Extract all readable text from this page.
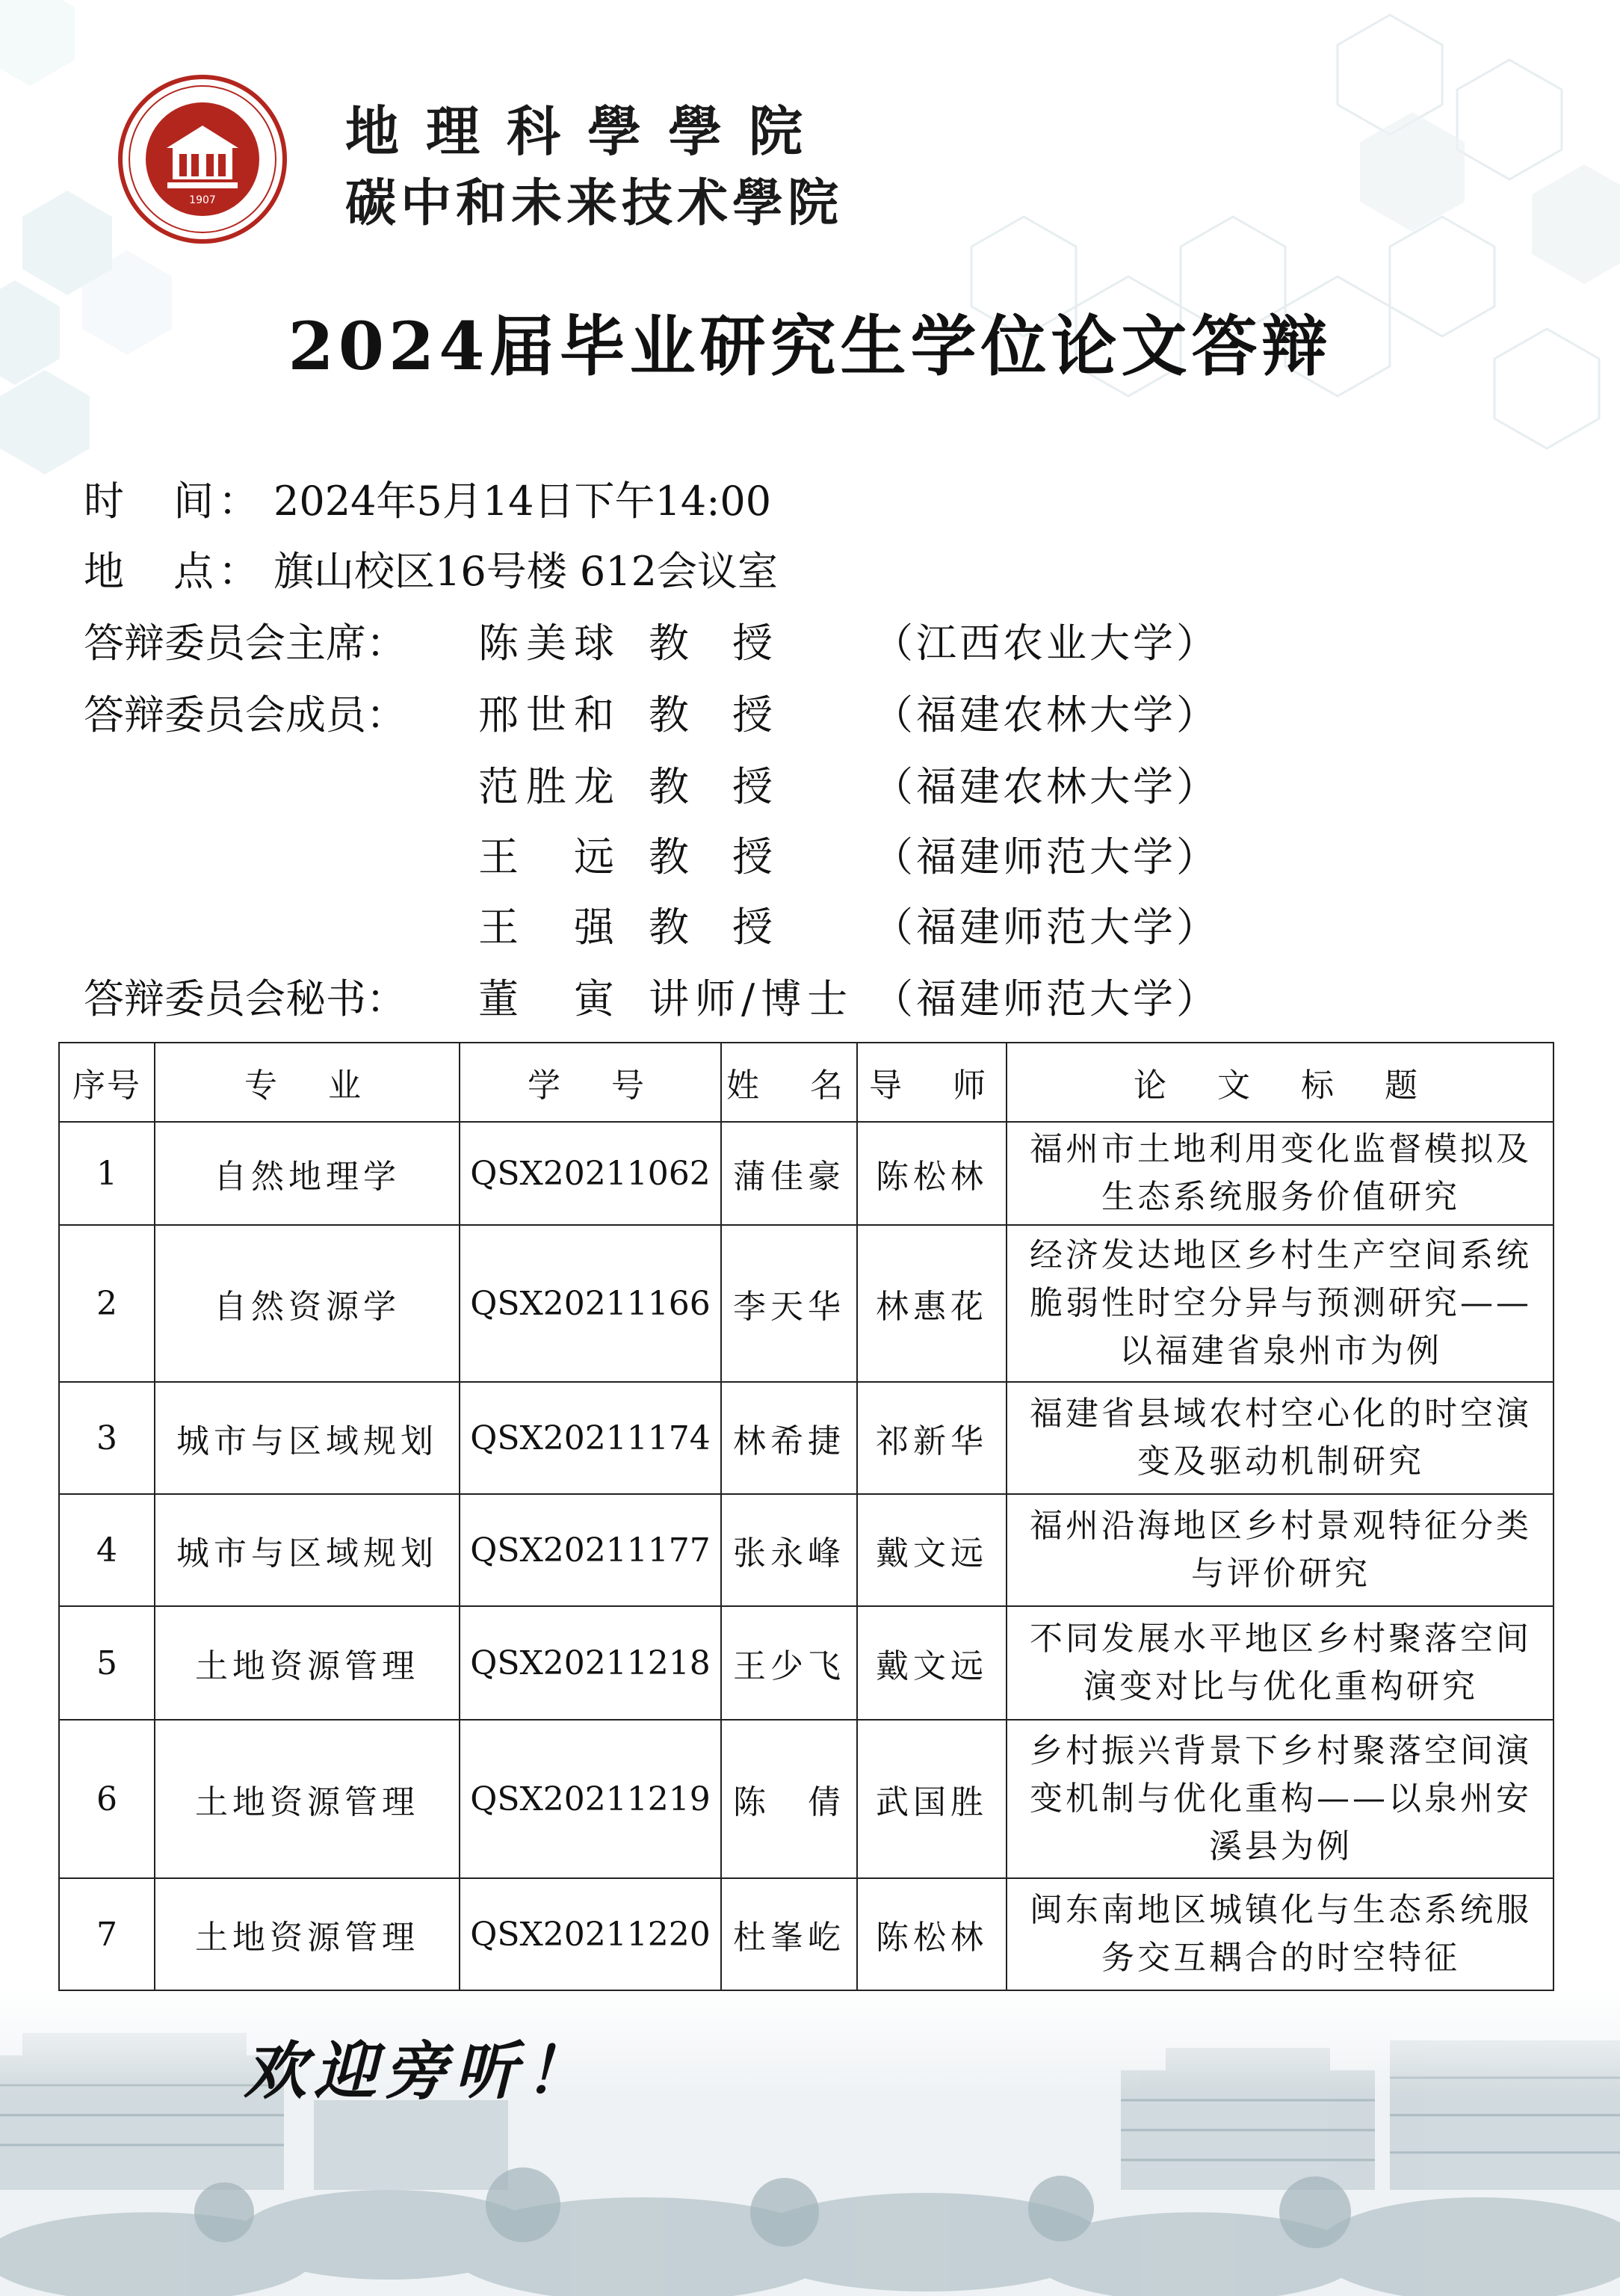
1907
地理科學學院
碳中和未来技术學院
2024届毕业研究生学位论文答辩
时　间： 2024年5月14日下午14:00
地　点： 旗山校区16号楼 612会议室
答辩委员会主席： 陈美球 教授 （江西农业大学）
答辩委员会成员： 邢世和 教授 （福建农林大学）
范胜龙 教授 （福建农林大学）
王　远 教授 （福建师范大学）
王　强 教授 （福建师范大学）
答辩委员会秘书： 董　寅 讲师/博士 （福建师范大学）
序号	专　业	学　号	姓　名	导　师	论　文　标　题
1	自然地理学	QSX20211062	蒲佳豪	陈松林	福州市土地利用变化监督模拟及生态系统服务价值研究
2	自然资源学	QSX20211166	李天华	林惠花	经济发达地区乡村生产空间系统脆弱性时空分异与预测研究——以福建省泉州市为例
3	城市与区域规划	QSX20211174	林希捷	祁新华	福建省县域农村空心化的时空演变及驱动机制研究
4	城市与区域规划	QSX20211177	张永峰	戴文远	福州沿海地区乡村景观特征分类与评价研究
5	土地资源管理	QSX20211218	王少飞	戴文远	不同发展水平地区乡村聚落空间演变对比与优化重构研究
6	土地资源管理	QSX20211219	陈　倩	武国胜	乡村振兴背景下乡村聚落空间演变机制与优化重构——以泉州安溪县为例
7	土地资源管理	QSX20211220	杜峯屹	陈松林	闽东南地区城镇化与生态系统服务交互耦合的时空特征
欢迎旁听！
